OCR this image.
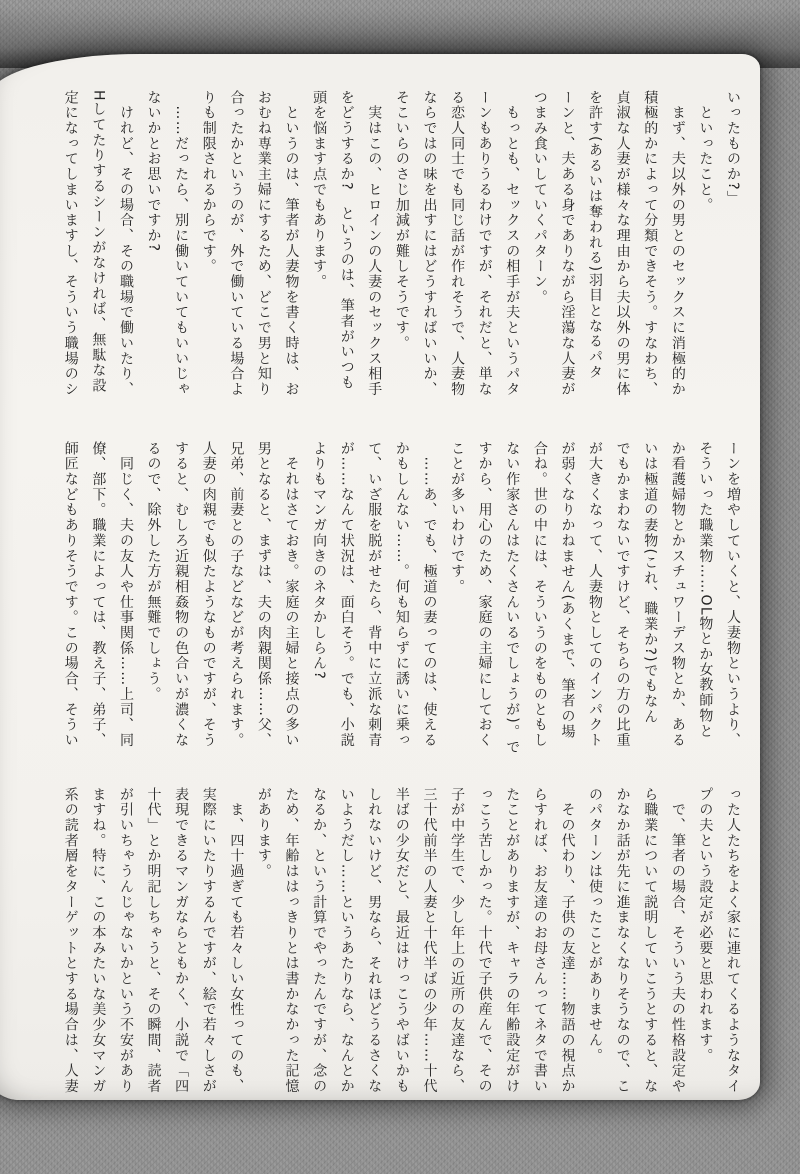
いったものか?」
　といったこと。
　まず、夫以外の男とのセックスに消極的か
積極的かによって分類できそう。すなわち、
貞淑な人妻が様々な理由から夫以外の男に体
を許す(あるいは奪われる)羽目となるパタ
ーンと、夫ある身でありながら淫蕩な人妻が
つまみ食いしていくパターン。
　もっとも、セックスの相手が夫というパタ
ーンもありうるわけですが、それだと、単な
る恋人同士でも同じ話が作れそうで、人妻物
ならではの味を出すにはどうすればいいか、
そこいらのさじ加減が難しそうです。
　実はこの、ヒロインの人妻のセックス相手
をどうするか?　というのは、筆者がいつも
頭を悩ます点でもあります。
　というのは、筆者が人妻物を書く時は、お
おむね専業主婦にするため、どこで男と知り
合ったかというのが、外で働いている場合よ
りも制限されるからです。
　……だったら、別に働いていてもいいじゃ
ないかとお思いですか?
　けれど、その場合、その職場で働いたり、
Hしてたりするシーンがなければ、無駄な設
定になってしまいますし、そういう職場のシ
ーンを増やしていくと、人妻物というより、
そういった職業物……OL物とか女教師物と
か看護婦物とかスチュワーデス物とか、ある
いは極道の妻物(これ、職業か?)でもなん
でもかまわないですけど、そちらの方の比重
が大きくなって、人妻物としてのインパクト
が弱くなりかねません(あくまで、筆者の場
合ね。世の中には、そういうのをものともし
ない作家さんはたくさんいるでしょうが)。で
すから、用心のため、家庭の主婦にしておく
ことが多いわけです。
　……あ、でも、極道の妻ってのは、使える
かもしんない……。何も知らずに誘いに乗っ
て、いざ服を脱がせたら、背中に立派な刺青
が……なんて状況は、面白そう。でも、小説
よりもマンガ向きのネタかしらん?
　それはさておき。家庭の主婦と接点の多い
男となると、まずは、夫の肉親関係……父、
兄弟、前妻との子などなどが考えられます。
人妻の肉親でも似たようなものですが、そう
すると、むしろ近親相姦物の色合いが濃くな
るので、除外した方が無難でしょう。
　同じく、夫の友人や仕事関係……上司、同
僚、部下。職業によっては、教え子、弟子、
師匠などもありそうです。この場合、そうい
った人たちをよく家に連れてくるようなタイ
プの夫という設定が必要と思われます。
　で、筆者の場合、そういう夫の性格設定や
ら職業について説明していこうとすると、な
かなか話が先に進まなくなりそうなので、こ
のパターンは使ったことがありません。
　その代わり、子供の友達……物語の視点か
らすれば、お友達のお母さんってネタで書い
たことがありますが、キャラの年齢設定がけ
っこう苦しかった。十代で子供産んで、その
子が中学生で、少し年上の近所の友達なら、
三十代前半の人妻と十代半ばの少年……十代
半ばの少女だと、最近はけっこうやばいかも
しれないけど、男なら、それほどうるさくな
いようだし……というあたりなら、なんとか
なるか、という計算でやったんですが、念の
ため、年齢ははっきりとは書かなかった記憶
があります。
　ま、四十過ぎても若々しい女性ってのも、
実際にいたりするんですが、絵で若々しさが
表現できるマンガならともかく、小説で「四
十代」とか明記しちゃうと、その瞬間、読者
が引いちゃうんじゃないかという不安があり
ますね。特に、この本みたいな美少女マンガ
系の読者層をターゲットとする場合は、人妻
